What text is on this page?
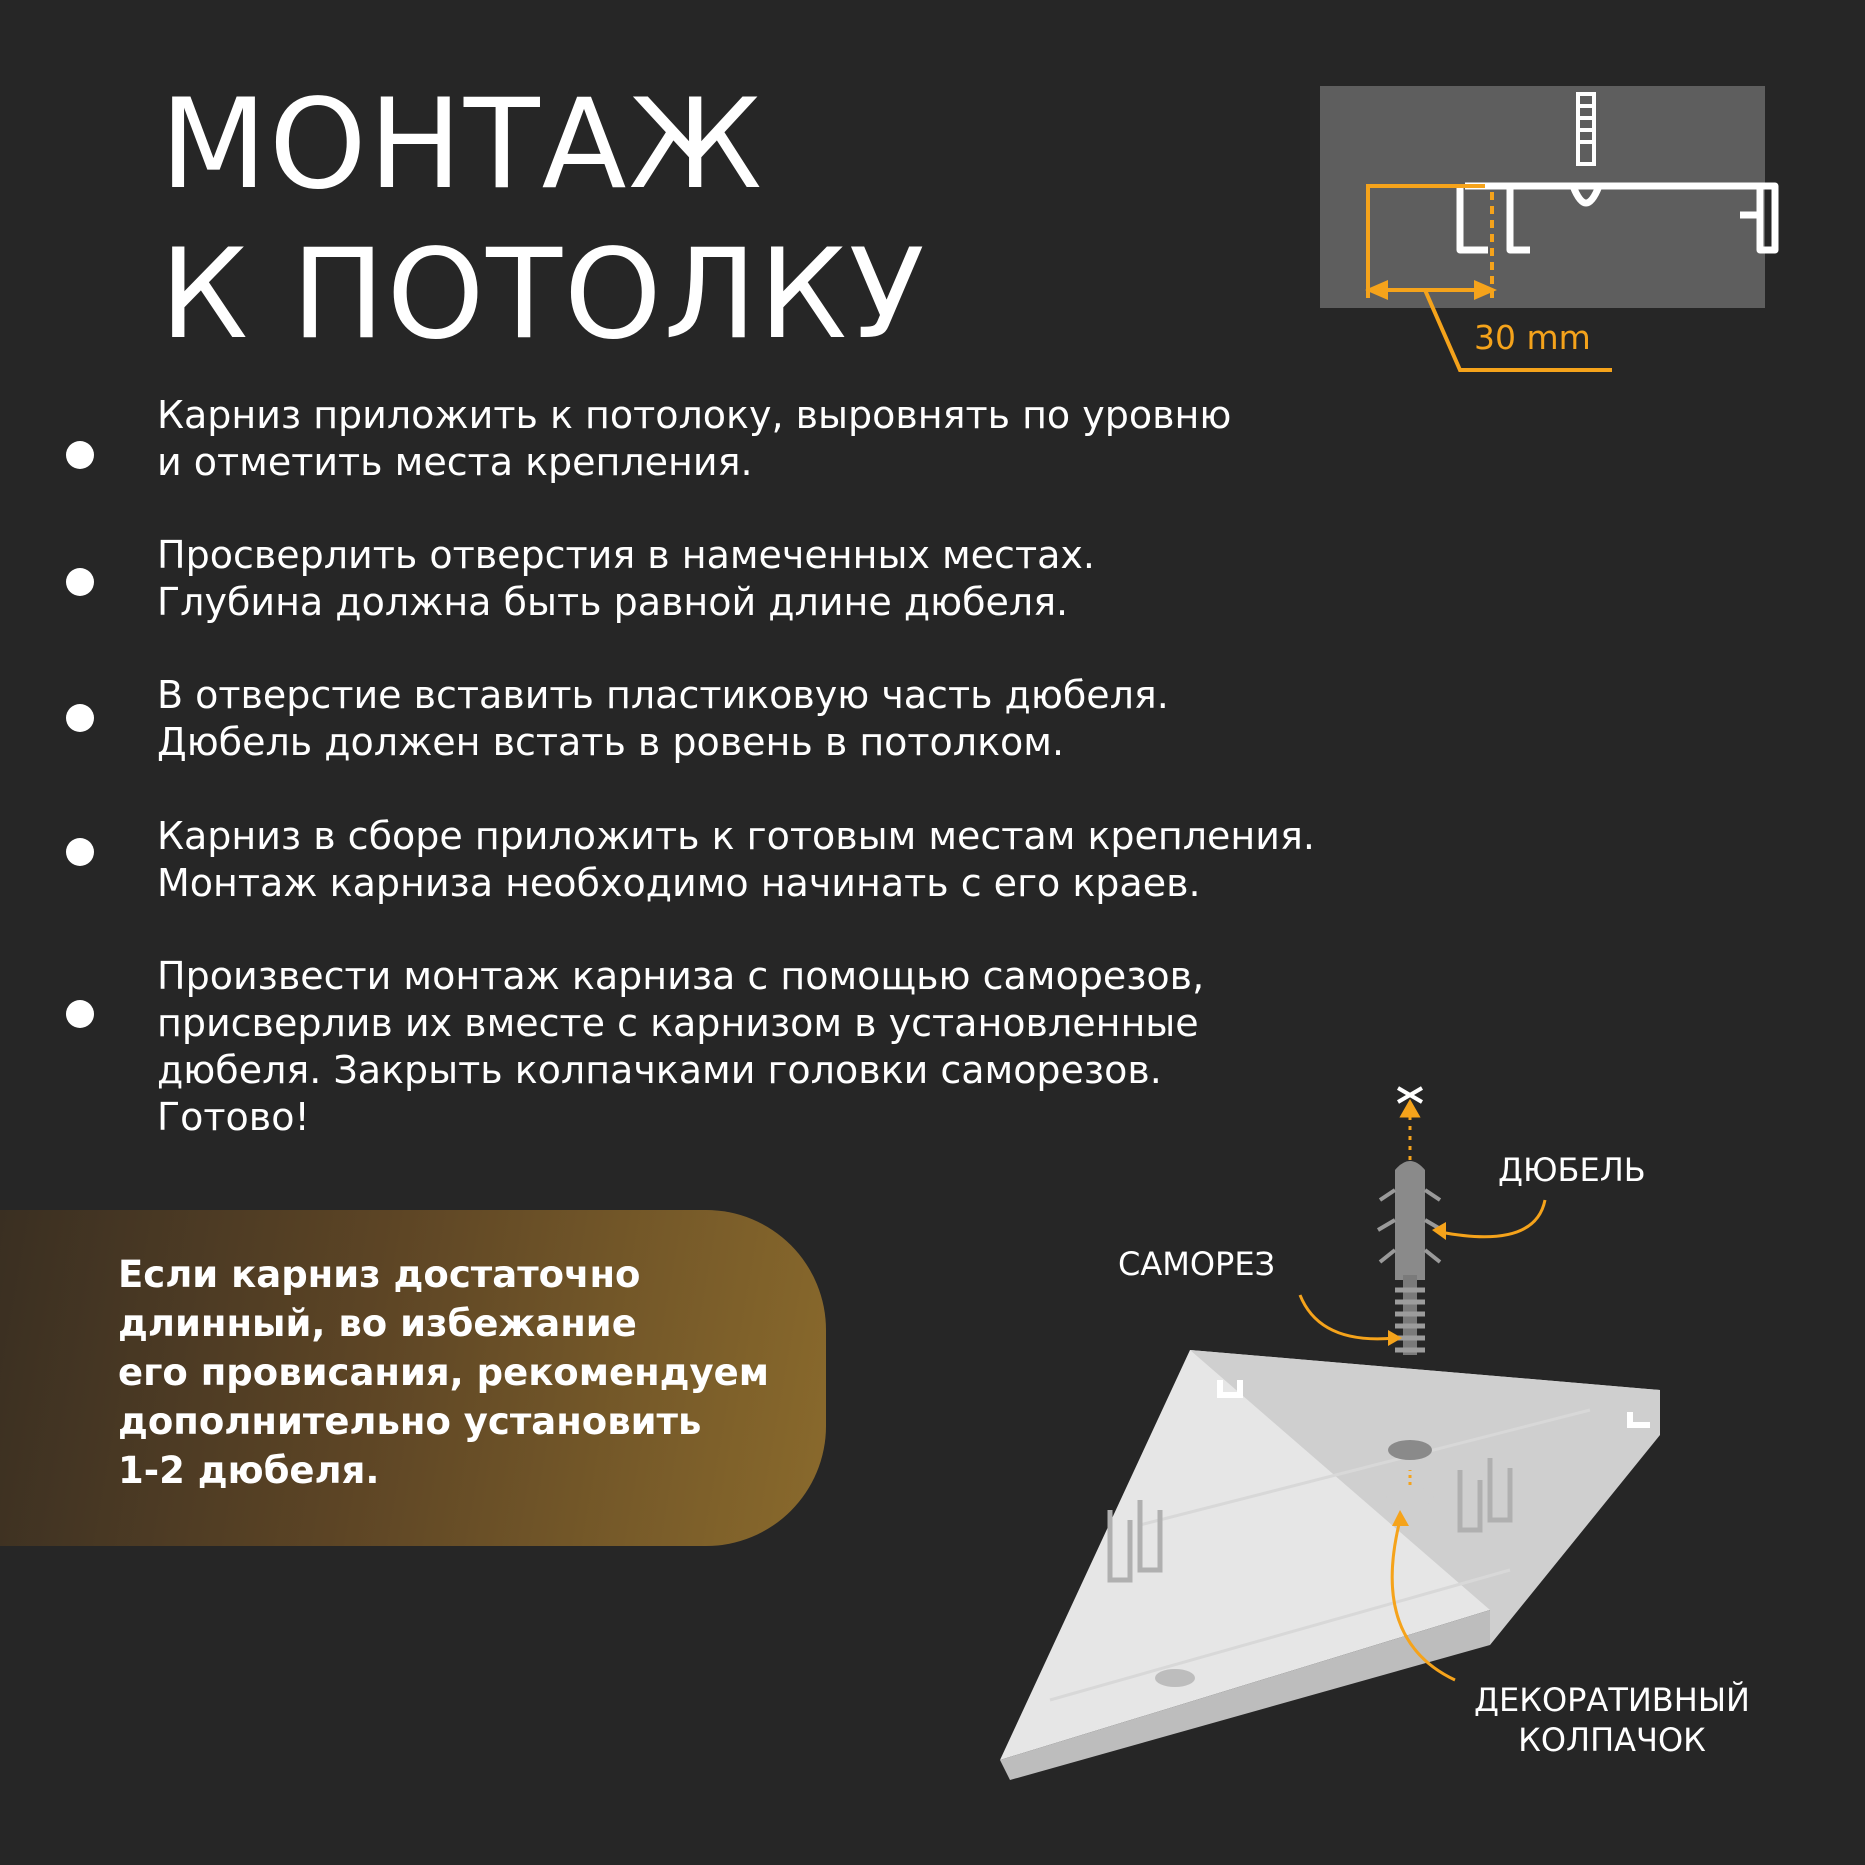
МОНТАЖ
К ПОТОЛКУ	30 mm
Карниз приложить к потолоку, выровнять по уровню
и отметить места крепления.
Просверлить отверстия в намеченных местах.
Глубина должна быть равной длине дюбеля.
В отверстие вставить пластиковую часть дюбеля.
Дюбель должен встать в ровень в потолком.
Карниз в сборе приложить к готовым местам крепления.
Монтаж карниза необходимо начинать с его краев.
Произвести монтаж карниза с помощью саморезов,
присверлив их вместе с карнизом в установленные
дюбеля. Закрыть колпачками головки саморезов.
Готово!
Если карниз достаточно
длинный, во избежание
его провисания, рекомендуем
дополнительно установить
1-2 дюбеля.
ДЮБЕЛЬ
САМОРЕЗ
ДЕКОРАТИВНЫЙ
КОЛПАЧОК
